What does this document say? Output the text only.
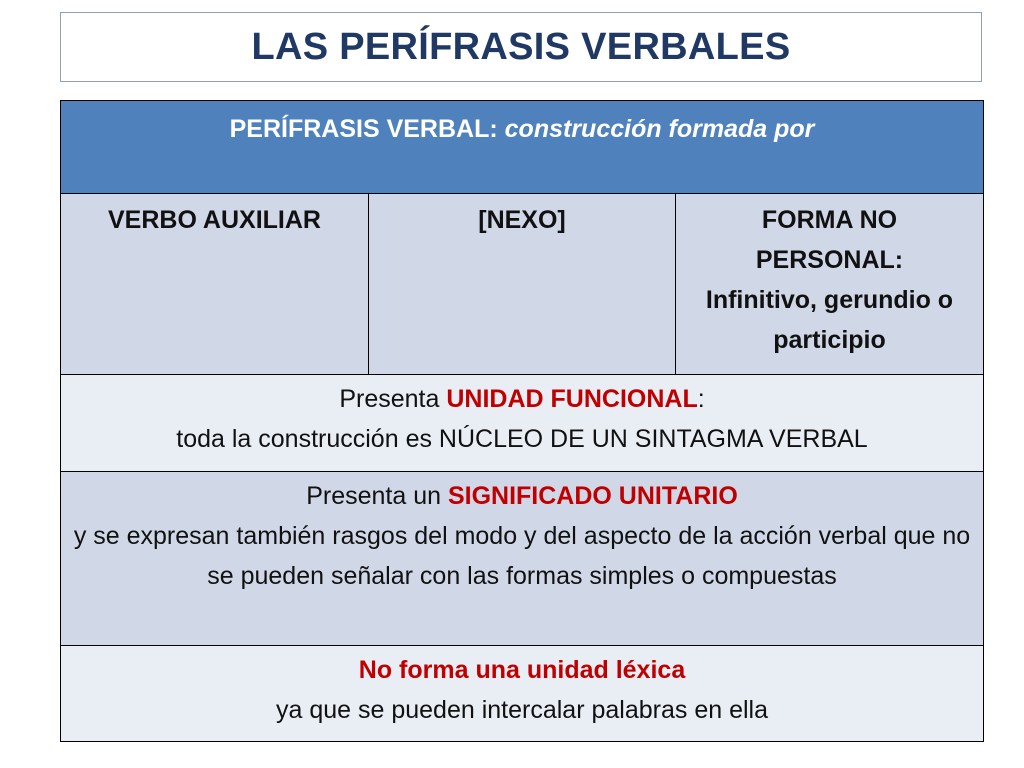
LAS PERÍFRASIS VERBALES
PERÍFRASIS VERBAL: construcción formada por
VERBO AUXILIAR	[NEXO]	FORMA NO PERSONAL:
Infinitivo, gerundio o participio

Presenta UNIDAD FUNCIONAL:
toda la construcción es NÚCLEO DE UN SINTAGMA VERBAL

Presenta un SIGNIFICADO UNITARIO
y se expresan también rasgos del modo y del aspecto de la acción verbal que no se pueden señalar con las formas simples o compuestas

No forma una unidad léxica
ya que se pueden intercalar palabras en ella
